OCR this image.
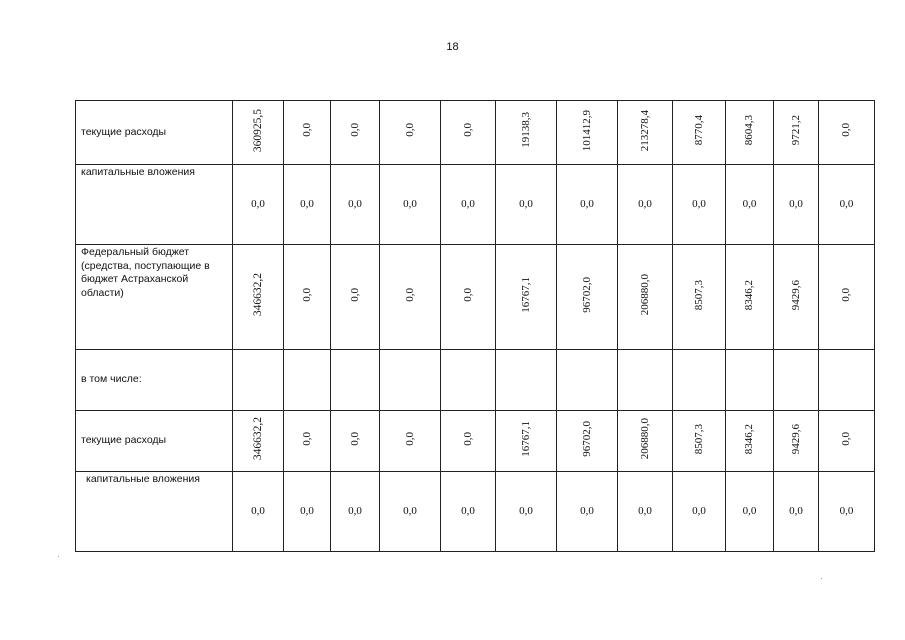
18
текущие расходы	360925,5	0,0	0,0	0,0	0,0	19138,3	101412,9	213278,4	8770,4	8604,3	9721,2	0,0
капитальные вложения	0,0	0,0	0,0	0,0	0,0	0,0	0,0	0,0	0,0	0,0	0,0	0,0
Федеральный бюджет (средства, поступающие в бюджет Астраханской области)	346632,2	0,0	0,0	0,0	0,0	16767,1	96702,0	206880,0	8507,3	8346,2	9429,6	0,0
в том числе:												
текущие расходы	346632,2	0,0	0,0	0,0	0,0	16767,1	96702,0	206880,0	8507,3	8346,2	9429,6	0,0
капитальные вложения	0,0	0,0	0,0	0,0	0,0	0,0	0,0	0,0	0,0	0,0	0,0	0,0
·
·
